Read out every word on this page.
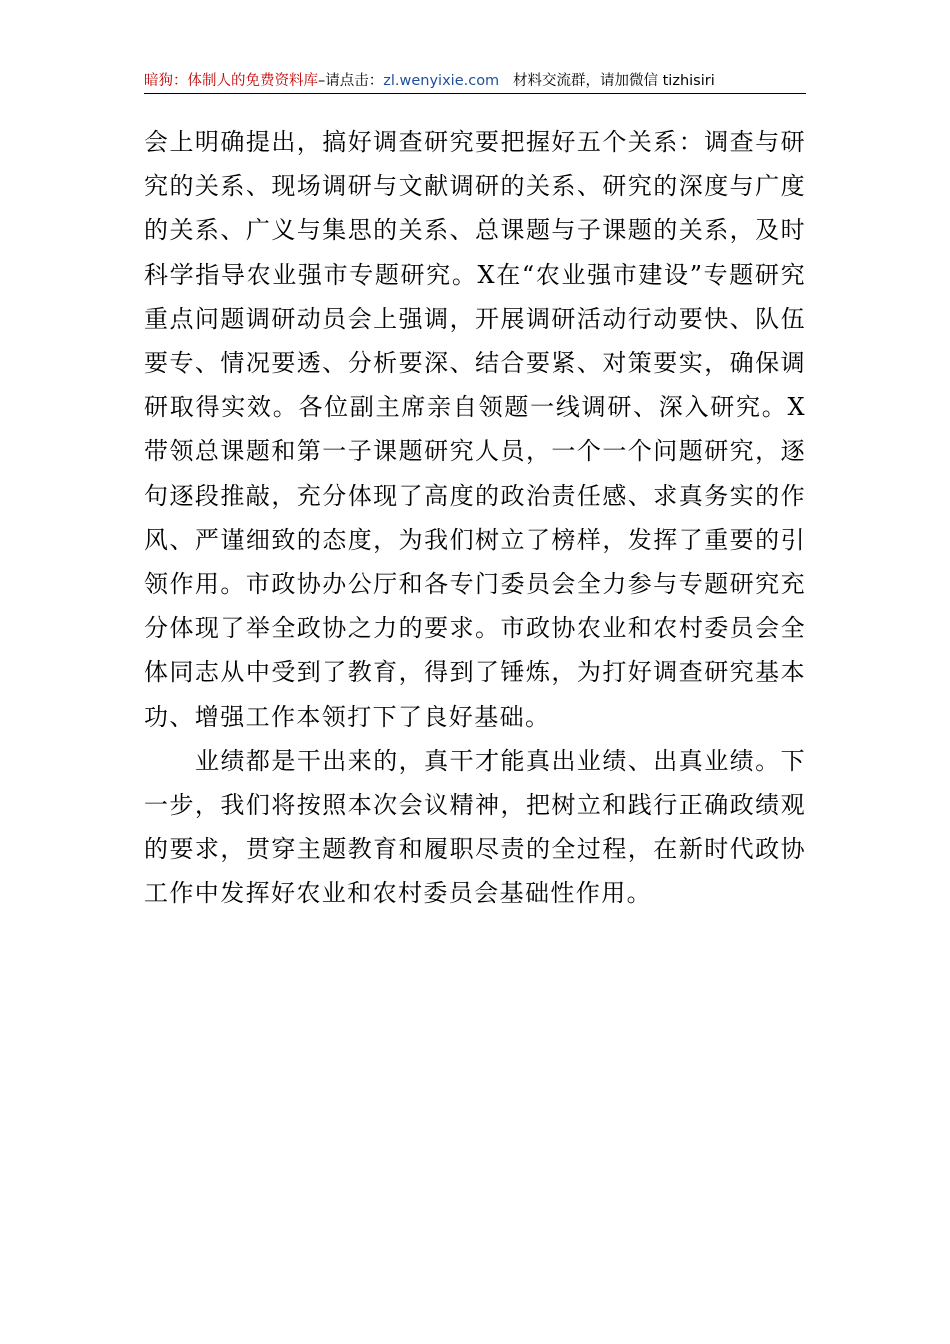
暗狗：体制人的免费资料库–请点击：zl.wenyixie.com 材料交流群，请加微信 tizhisiri

会上明确提出，搞好调查研究要把握好五个关系：调查与研究的关系、现场调研与文献调研的关系、研究的深度与广度的关系、广义与集思的关系、总课题与子课题的关系，及时科学指导农业强市专题研究。X在“农业强市建设”专题研究重点问题调研动员会上强调，开展调研活动行动要快、队伍要专、情况要透、分析要深、结合要紧、对策要实，确保调研取得实效。各位副主席亲自领题一线调研、深入研究。X带领总课题和第一子课题研究人员，一个一个问题研究，逐句逐段推敲，充分体现了高度的政治责任感、求真务实的作风、严谨细致的态度，为我们树立了榜样，发挥了重要的引领作用。市政协办公厅和各专门委员会全力参与专题研究充分体现了举全政协之力的要求。市政协农业和农村委员会全体同志从中受到了教育，得到了锤炼，为打好调查研究基本功、增强工作本领打下了良好基础。

业绩都是干出来的，真干才能真出业绩、出真业绩。下一步，我们将按照本次会议精神，把树立和践行正确政绩观的要求，贯穿主题教育和履职尽责的全过程，在新时代政协工作中发挥好农业和农村委员会基础性作用。
